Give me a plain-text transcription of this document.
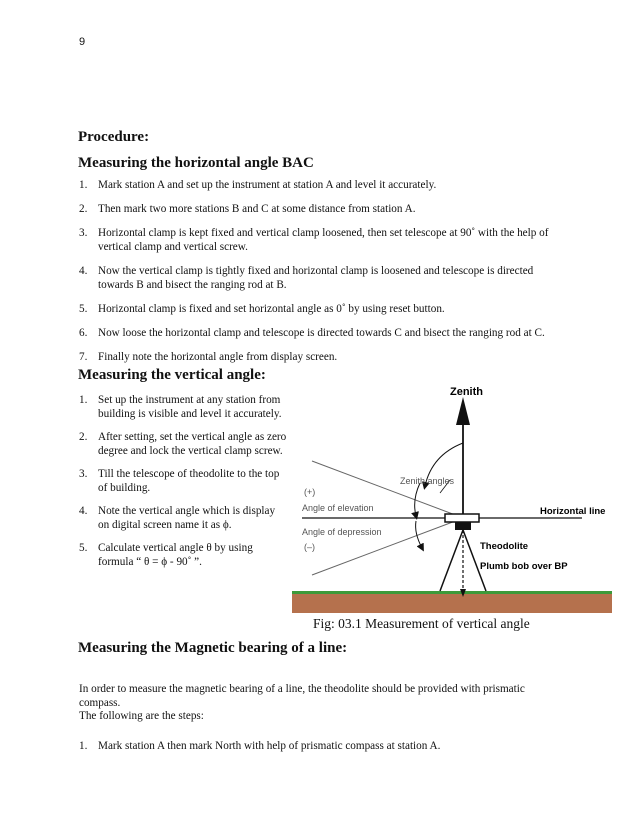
9
Procedure:
Measuring the horizontal angle BAC
1. Mark station A and set up the instrument at station A and level it accurately.
2. Then mark two more stations B and C at some distance from station A.
3. Horizontal clamp is kept fixed and vertical clamp loosened, then set telescope at 90˚ with the help of vertical clamp and vertical screw.
4. Now the vertical clamp is tightly fixed and horizontal clamp is loosened and telescope is directed towards B and bisect the ranging rod at B.
5. Horizontal clamp is fixed and set horizontal angle as 0˚ by using reset button.
6. Now loose the horizontal clamp and telescope is directed towards C and bisect the ranging rod at C.
7. Finally note the horizontal angle from display screen.
Measuring the vertical angle:
1. Set up the instrument at any station from building is visible and level it accurately.
2. After setting, set the vertical angle as zero degree and lock the vertical clamp screw.
3. Till the telescope of theodolite to the top of building.
4. Note the vertical angle which is display on digital screen name it as ϕ.
5. Calculate vertical angle θ by using formula “ θ = ϕ - 90˚ ”.
Zenith
Horizontal line
Zenith angles
(+)
Angle of elevation
Angle of depression
(–)	Theodolite
Plumb bob over BP
Fig: 03.1 Measurement of vertical angle
Measuring the Magnetic bearing of a line:
In order to measure the magnetic bearing of a line, the theodolite should be provided with prismatic
compass.
The following are the steps:
1. Mark station A then mark North with help of prismatic compass at station A.
